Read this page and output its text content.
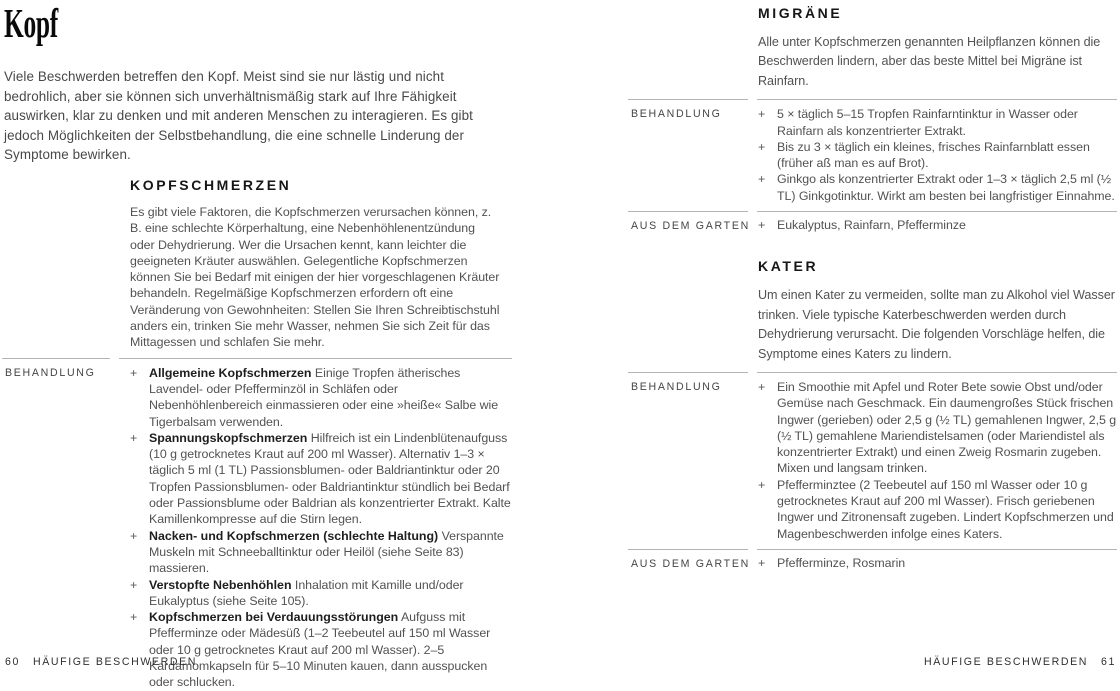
Kopf

Viele Beschwerden betreffen den Kopf. Meist sind sie nur lästig und nicht bedrohlich, aber sie können sich unverhältnismäßig stark auf Ihre Fähigkeit auswirken, klar zu denken und mit anderen Menschen zu interagieren. Es gibt jedoch Möglichkeiten der Selbstbehandlung, die eine schnelle Linderung der Symptome bewirken.

KOPFSCHMERZEN

Es gibt viele Faktoren, die Kopfschmerzen verursachen können, z. B. eine schlechte Körperhaltung, eine Nebenhöhlenentzündung oder Dehydrierung. Wer die Ursachen kennt, kann leichter die geeigneten Kräuter auswählen. Gelegentliche Kopfschmerzen können Sie bei Bedarf mit einigen der hier vorgeschlagenen Kräuter behandeln. Regelmäßige Kopfschmerzen erfordern oft eine Veränderung von Gewohnheiten: Stellen Sie Ihren Schreibtischstuhl anders ein, trinken Sie mehr Wasser, nehmen Sie sich Zeit für das Mittagessen und schlafen Sie mehr.

BEHANDLUNG	+ Allgemeine Kopfschmerzen Einige Tropfen ätherisches Lavendel- oder Pfefferminzöl in Schläfen oder Nebenhöhlenbereich einmassieren oder eine »heiße« Salbe wie Tigerbalsam verwenden.
+ Spannungskopfschmerzen Hilfreich ist ein Lindenblütenaufguss (10 g getrocknetes Kraut auf 200 ml Wasser). Alternativ 1–3 × täglich 5 ml (1 TL) Passionsblumen- oder Baldriantinktur oder 20 Tropfen Passionsblumen- oder Baldriantinktur stündlich bei Bedarf oder Passionsblume oder Baldrian als konzentrierter Extrakt. Kalte Kamillenkompresse auf die Stirn legen.
+ Nacken- und Kopfschmerzen (schlechte Haltung) Verspannte Muskeln mit Schneeballtinktur oder Heilöl (siehe Seite 83) massieren.
+ Verstopfte Nebenhöhlen Inhalation mit Kamille und/oder Eukalyptus (siehe Seite 105).
+ Kopfschmerzen bei Verdauungsstörungen Aufguss mit Pfefferminze oder Mädesüß (1–2 Teebeutel auf 150 ml Wasser oder 10 g getrocknetes Kraut auf 200 ml Wasser). 2–5 Kardamomkapseln für 5–10 Minuten kauen, dann ausspucken oder schlucken.
60 HÄUFIGE BESCHWERDEN
MIGRÄNE

Alle unter Kopfschmerzen genannten Heilpflanzen können die Beschwerden lindern, aber das beste Mittel bei Migräne ist Rainfarn.

BEHANDLUNG	+ 5 × täglich 5–15 Tropfen Rainfarntinktur in Wasser oder Rainfarn als konzentrierter Extrakt.
+ Bis zu 3 × täglich ein kleines, frisches Rainfarnblatt essen (früher aß man es auf Brot).
+ Ginkgo als konzentrierter Extrakt oder 1–3 × täglich 2,5 ml (½ TL) Ginkgotinktur. Wirkt am besten bei langfristiger Einnahme.
AUS DEM GARTEN + Eukalyptus, Rainfarn, Pfefferminze
KATER

Um einen Kater zu vermeiden, sollte man zu Alkohol viel Wasser trinken. Viele typische Katerbeschwerden werden durch Dehydrierung verursacht. Die folgenden Vorschläge helfen, die Symptome eines Katers zu lindern.

BEHANDLUNG	+ Ein Smoothie mit Apfel und Roter Bete sowie Obst und/oder Gemüse nach Geschmack. Ein daumengroßes Stück frischen Ingwer (gerieben) oder 2,5 g (½ TL) gemahlenen Ingwer, 2,5 g (½ TL) gemahlene Mariendistelsamen (oder Mariendistel als konzentrierter Extrakt) und einen Zweig Rosmarin zugeben. Mixen und langsam trinken.
+ Pfefferminztee (2 Teebeutel auf 150 ml Wasser oder 10 g getrocknetes Kraut auf 200 ml Wasser). Frisch geriebenen Ingwer und Zitronensaft zugeben. Lindert Kopfschmerzen und Magenbeschwerden infolge eines Katers.
AUS DEM GARTEN + Pfefferminze, Rosmarin
HÄUFIGE BESCHWERDEN 61
